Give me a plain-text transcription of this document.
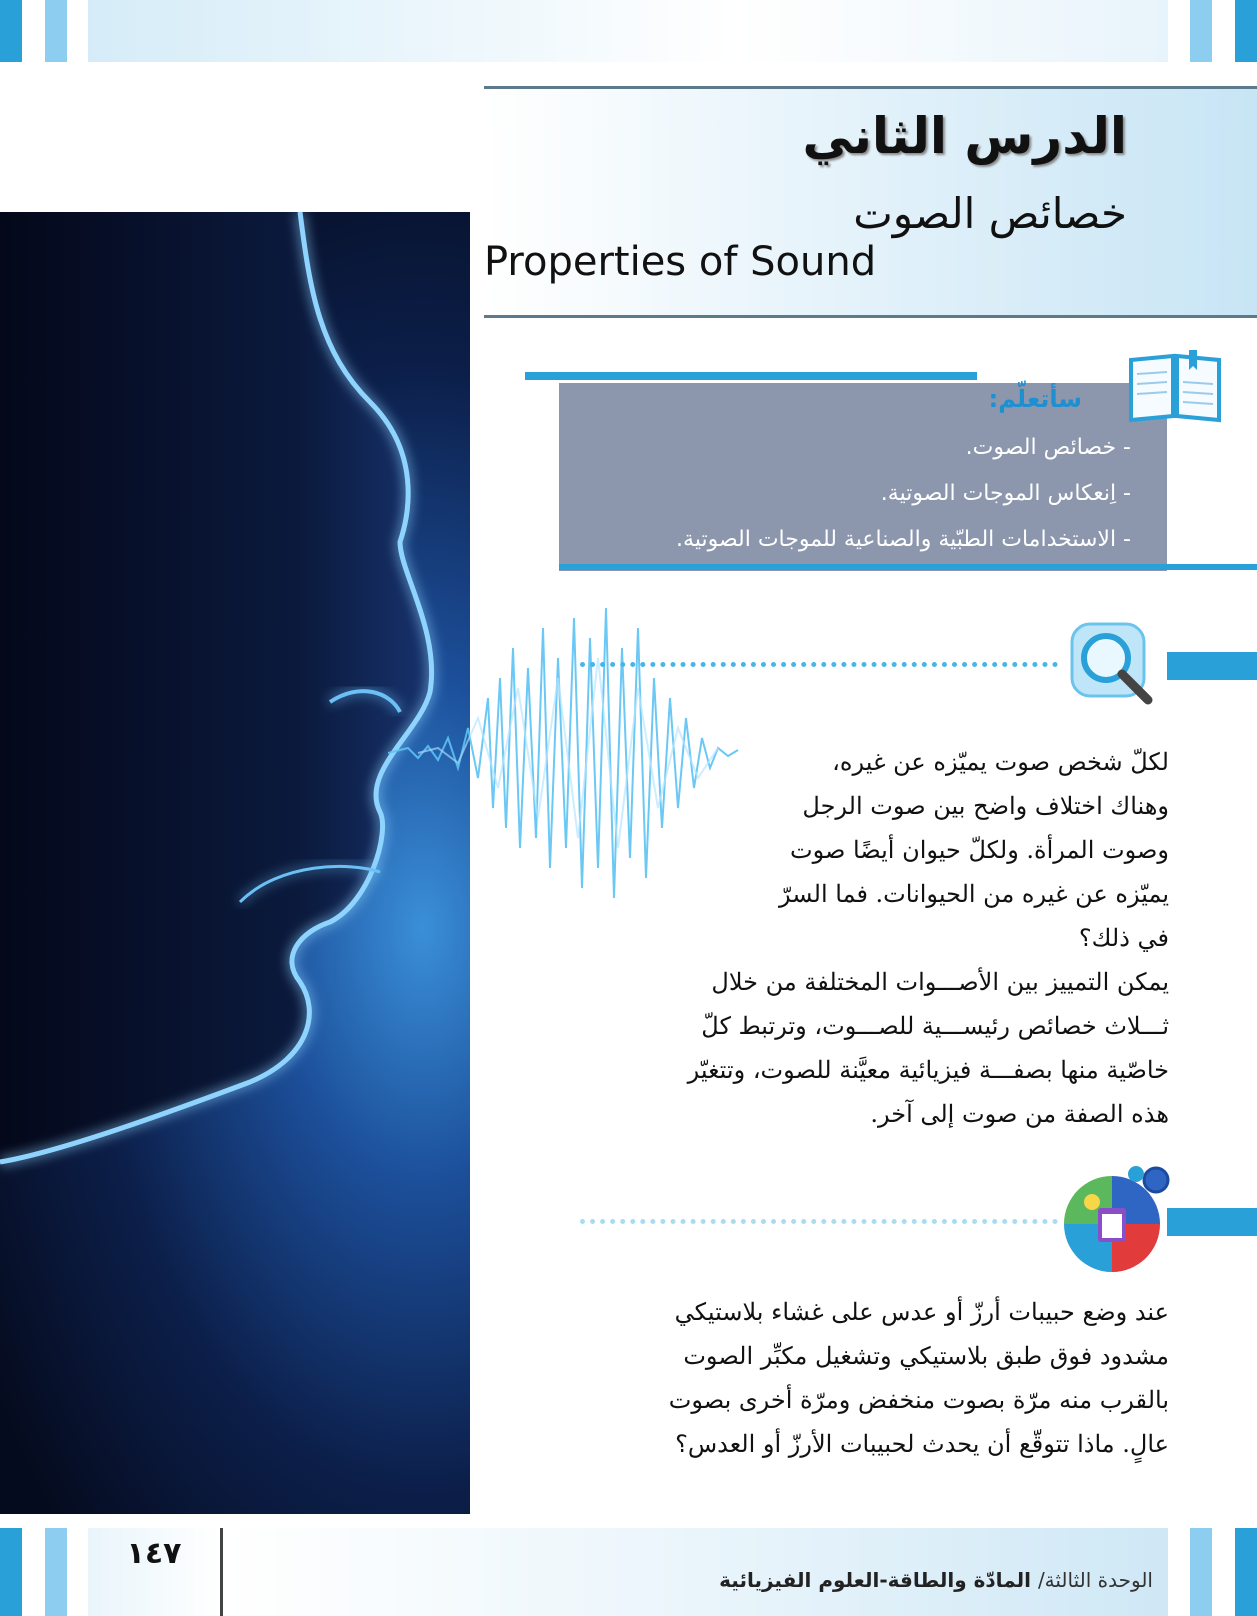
الدرس الثاني
خصائص الصوت
Properties of Sound
سأتعلّم:
- خصائص الصوت.
- اِنعكاس الموجات الصوتية.
- الاستخدامات الطبّية والصناعية للموجات الصوتية.
لكلّ شخص صوت يميّزه عن غيره،
وهناك اختلاف واضح بين صوت الرجل
وصوت المرأة. ولكلّ حيوان أيضًا صوت
يميّزه عن غيره من الحيوانات. فما السرّ
في ذلك؟
يمكن التمييز بين الأصـــوات المختلفة من خلال
ثـــلاث خصائص رئيســـية للصـــوت، وترتبط كلّ
خاصّية منها بصفـــة فيزيائية معيَّنة للصوت، وتتغيّر
هذه الصفة من صوت إلى آخر.
عند وضع حبيبات أرزّ أو عدس على غشاء بلاستيكي
مشدود فوق طبق بلاستيكي وتشغيل مكبِّر الصوت
بالقرب منه مرّة بصوت منخفض ومرّة أخرى بصوت
عالٍ. ماذا تتوقّع أن يحدث لحبيبات الأرزّ أو العدس؟
١٤٧
الوحدة الثالثة/ المادّة والطاقة-العلوم الفيزيائية
